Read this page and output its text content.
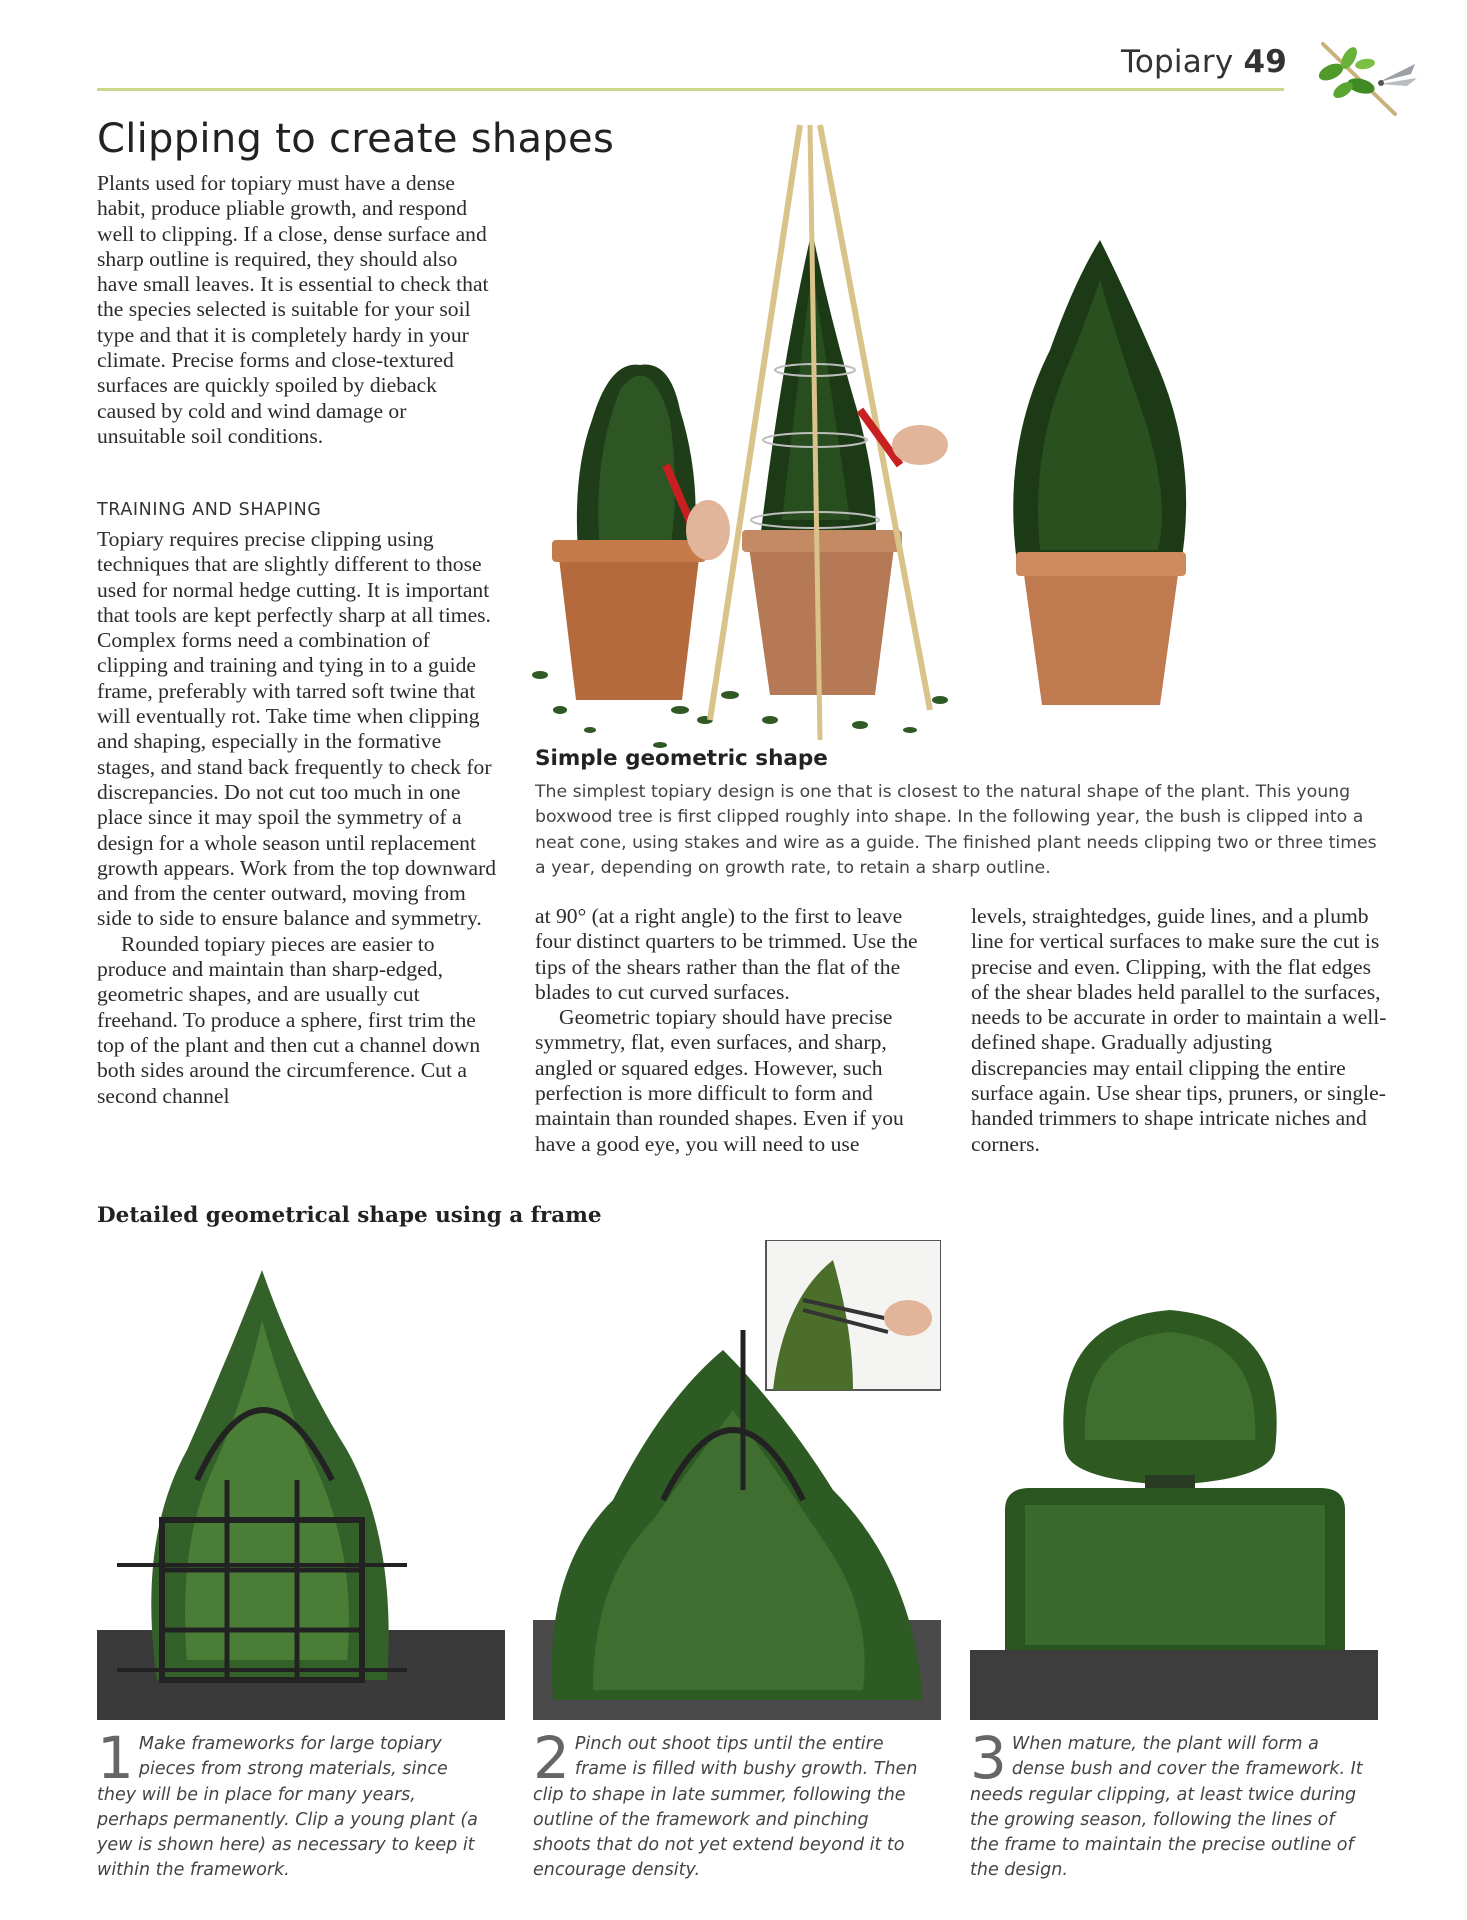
Topiary 49
Clipping to create shapes

Plants used for topiary must have a dense habit, produce pliable growth, and respond well to clipping. If a close, dense surface and sharp outline is required, they should also have small leaves. It is essential to check that the species selected is suitable for your soil type and that it is completely hardy in your climate. Precise forms and close-textured surfaces are quickly spoiled by dieback caused by cold and wind damage or unsuitable soil conditions.

TRAINING AND SHAPING

Topiary requires precise clipping using techniques that are slightly different to those used for normal hedge cutting. It is important that tools are kept perfectly sharp at all times. Complex forms need a combination of clipping and training and tying in to a guide frame, preferably with tarred soft twine that will eventually rot. Take time when clipping and shaping, especially in the formative stages, and stand back frequently to check for discrepancies. Do not cut too much in one place since it may spoil the symmetry of a design for a whole season until replacement growth appears. Work from the top downward and from the center outward, moving from side to side to ensure balance and symmetry.

Rounded topiary pieces are easier to produce and maintain than sharp-edged, geometric shapes, and are usually cut freehand. To produce a sphere, first trim the top of the plant and then cut a channel down both sides around the circumference. Cut a second channel

Simple geometric shape
The simplest topiary design is one that is closest to the natural shape of the plant. This young boxwood tree is first clipped roughly into shape. In the following year, the bush is clipped into a neat cone, using stakes and wire as a guide. The finished plant needs clipping two or three times a year, depending on growth rate, to retain a sharp outline.

at 90° (at a right angle) to the first to leave four distinct quarters to be trimmed. Use the tips of the shears rather than the flat of the blades to cut curved surfaces.

Geometric topiary should have precise symmetry, flat, even surfaces, and sharp, angled or squared edges. However, such perfection is more difficult to form and maintain than rounded shapes. Even if you have a good eye, you will need to use

levels, straightedges, guide lines, and a plumb line for vertical surfaces to make sure the cut is precise and even. Clipping, with the flat edges of the shear blades held parallel to the surfaces, needs to be accurate in order to maintain a well-defined shape. Gradually adjusting discrepancies may entail clipping the entire surface again. Use shear tips, pruners, or single-handed trimmers to shape intricate niches and corners.

Detailed geometrical shape using a frame
1 Make frameworks for large topiary pieces from strong materials, since they will be in place for many years, perhaps permanently. Clip a young plant (a yew is shown here) as necessary to keep it within the framework.
2 Pinch out shoot tips until the entire frame is filled with bushy growth. Then clip to shape in late summer, following the outline of the framework and pinching shoots that do not yet extend beyond it to encourage density.
3 When mature, the plant will form a dense bush and cover the framework. It needs regular clipping, at least twice during the growing season, following the lines of the frame to maintain the precise outline of the design.
